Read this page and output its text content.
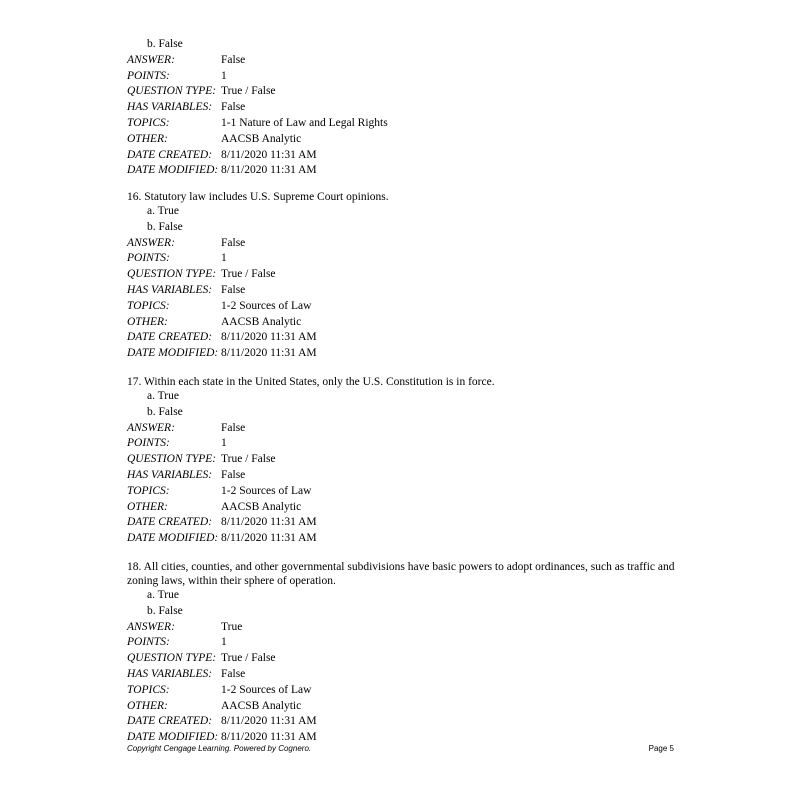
b. False
ANSWER:	False
POINTS:	1
QUESTION TYPE: True / False
HAS VARIABLES: False
TOPICS:	1-1 Nature of Law and Legal Rights
OTHER:	AACSB Analytic
DATE CREATED: 8/11/2020 11:31 AM
DATE MODIFIED: 8/11/2020 11:31 AM

16. Statutory law includes U.S. Supreme Court opinions.

a. True
b. False
ANSWER:	False
POINTS:	1
QUESTION TYPE: True / False
HAS VARIABLES: False
TOPICS:	1-2 Sources of Law
OTHER:	AACSB Analytic
DATE CREATED: 8/11/2020 11:31 AM
DATE MODIFIED: 8/11/2020 11:31 AM

17. Within each state in the United States, only the U.S. Constitution is in force.

a. True
b. False
ANSWER:	False
POINTS:	1
QUESTION TYPE: True / False
HAS VARIABLES: False
TOPICS:	1-2 Sources of Law
OTHER:	AACSB Analytic
DATE CREATED: 8/11/2020 11:31 AM
DATE MODIFIED: 8/11/2020 11:31 AM

18. All cities, counties, and other governmental subdivisions have basic powers to adopt ordinances, such as traffic and zoning laws, within their sphere of operation.

a. True
b. False
ANSWER:	True
POINTS:	1
QUESTION TYPE: True / False
HAS VARIABLES: False
TOPICS:	1-2 Sources of Law
OTHER:	AACSB Analytic
DATE CREATED: 8/11/2020 11:31 AM
DATE MODIFIED: 8/11/2020 11:31 AM
Copyright Cengage Learning. Powered by Cognero.	Page 5
